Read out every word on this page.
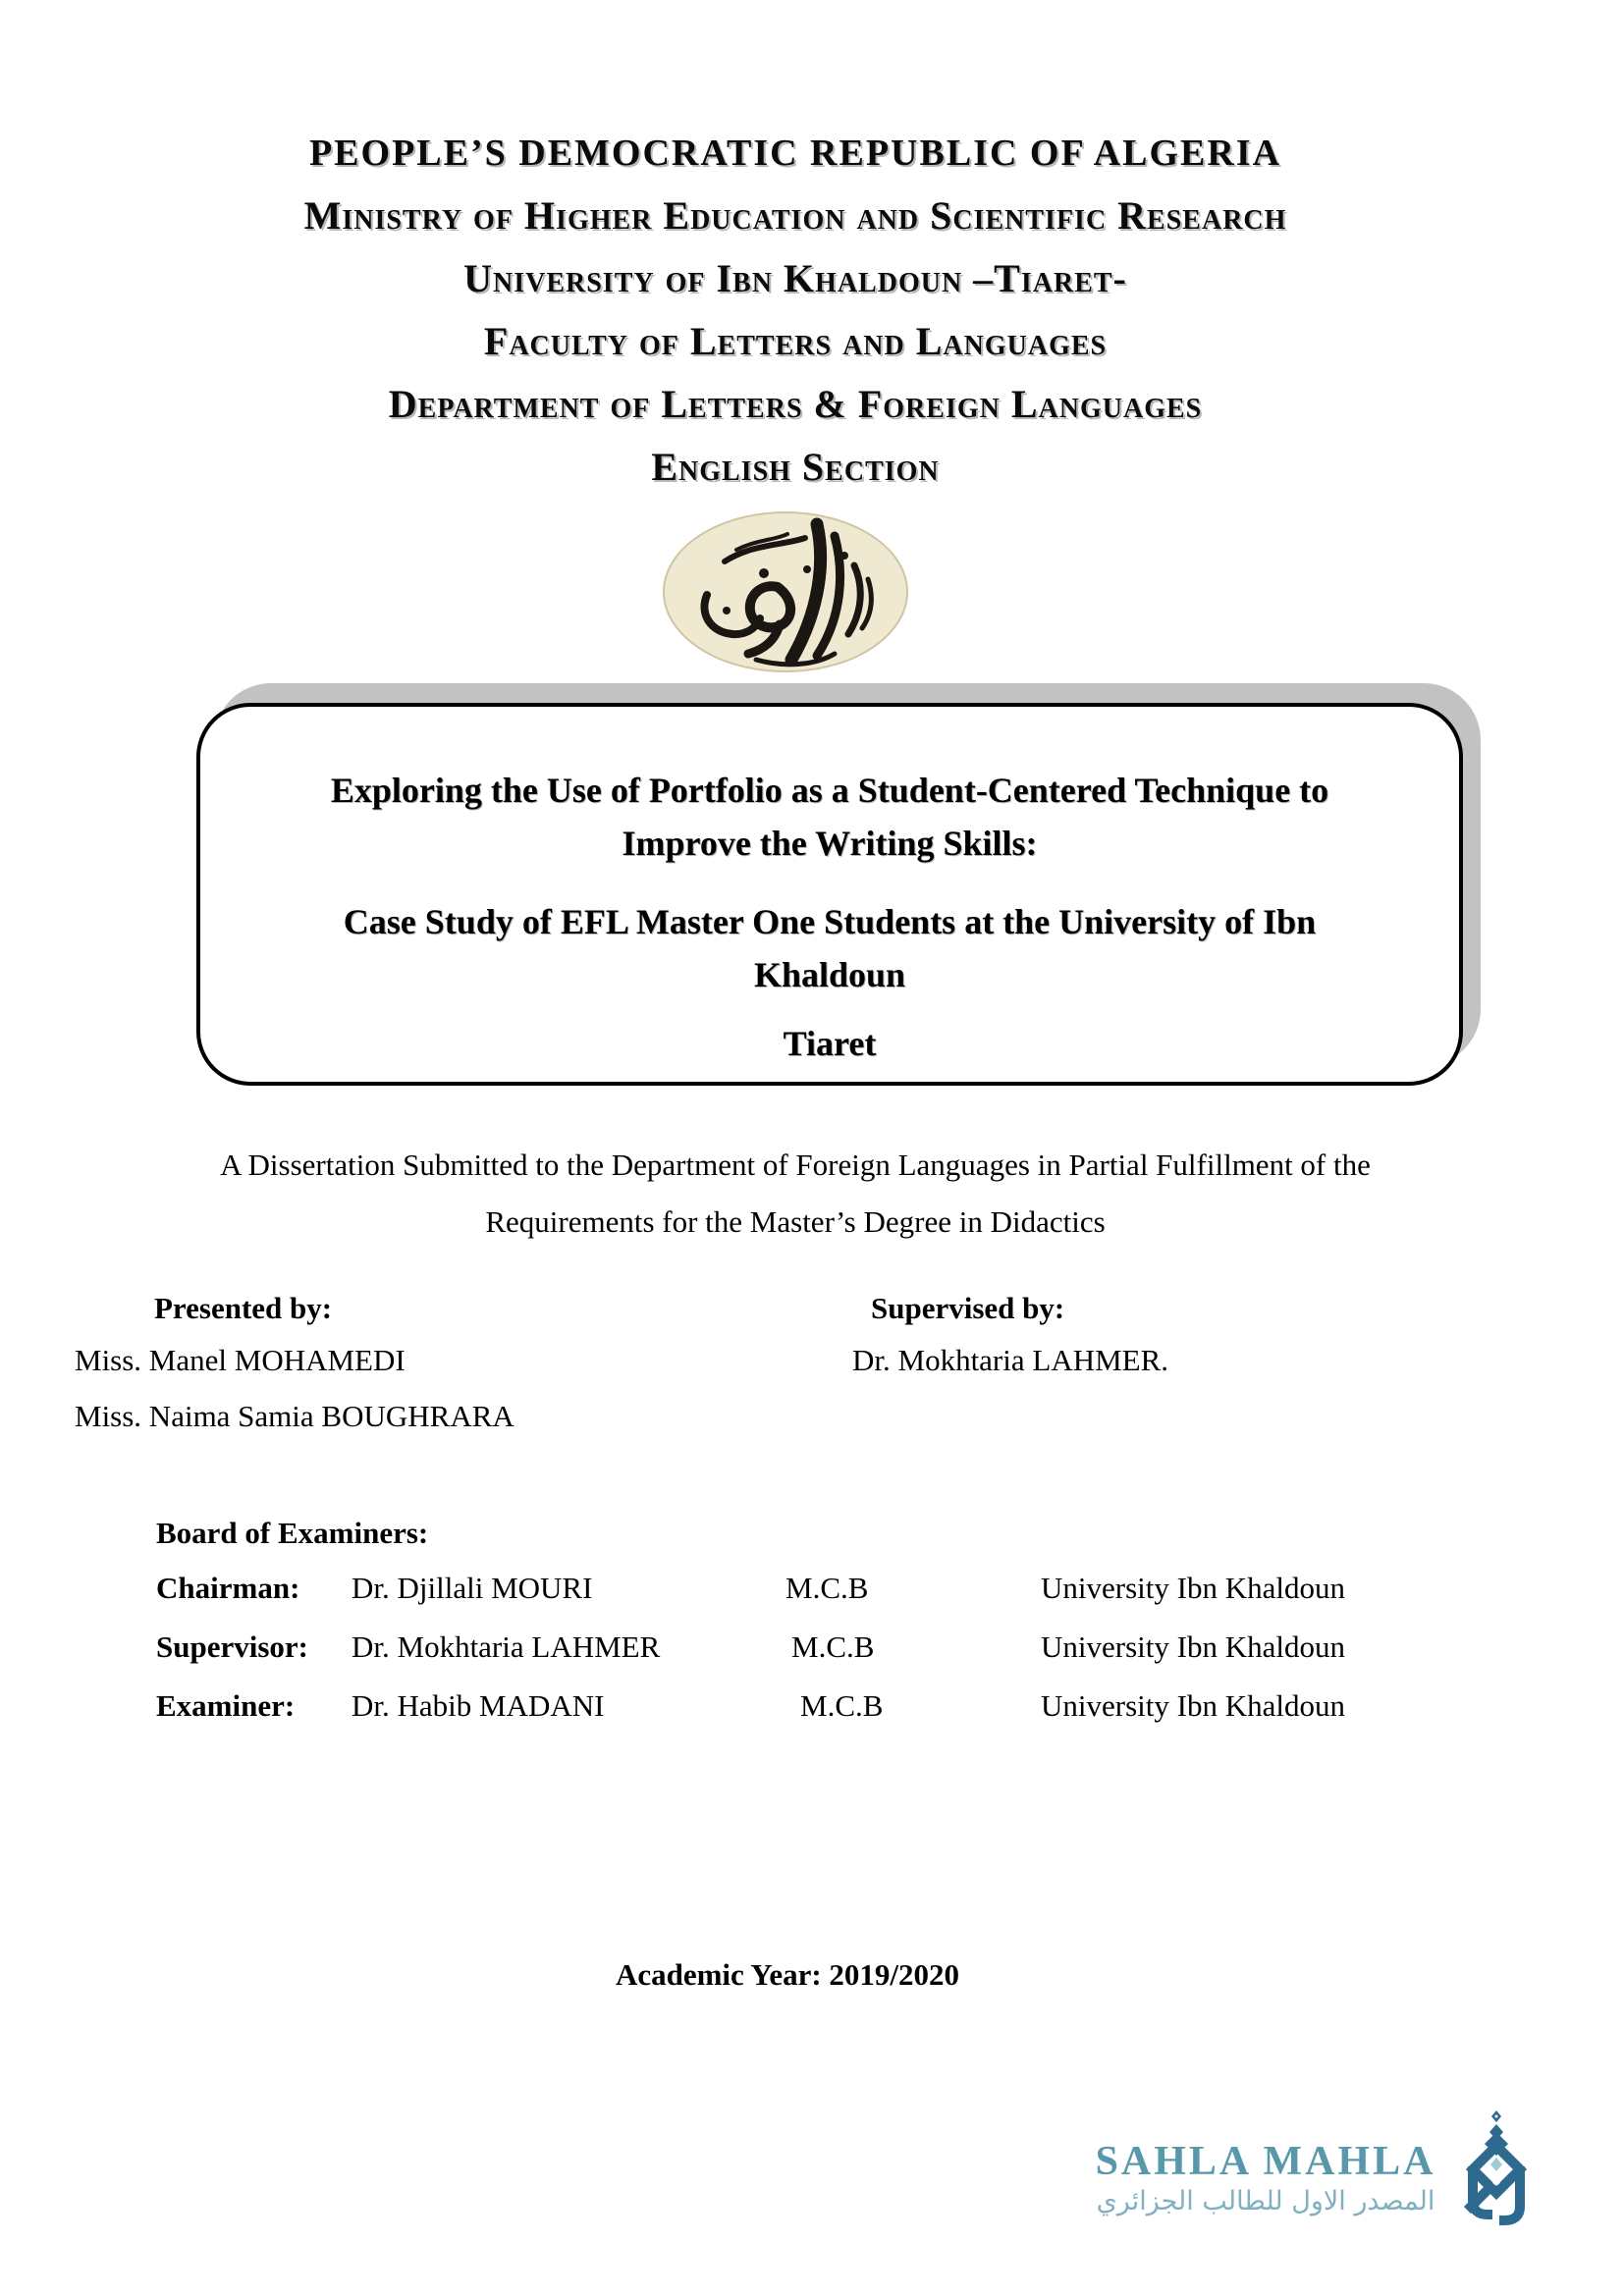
PEOPLE’S DEMOCRATIC REPUBLIC OF ALGERIA
Ministry of Higher Education and Scientific Research
University of Ibn Khaldoun –Tiaret-
Faculty of Letters and Languages
Department of Letters & Foreign Languages
English Section

Exploring the Use of Portfolio as a Student-Centered Technique to
Improve the Writing Skills:

Case Study of EFL Master One Students at the University of Ibn
Khaldoun

Tiaret

A Dissertation Submitted to the Department of Foreign Languages in Partial Fulfillment of the
Requirements for the Master’s Degree in Didactics
Presented by:	Supervised by:
Miss. Manel MOHAMEDI	Dr. Mokhtaria LAHMER.
Miss. Naima Samia BOUGHRARA
Board of Examiners:
Chairman: Dr. Djillali MOURI	M.C.B	University Ibn Khaldoun
Supervisor: Dr. Mokhtaria LAHMER	M.C.B	University Ibn Khaldoun
Examiner: Dr. Habib MADANI	M.C.B	University Ibn Khaldoun
Academic Year: 2019/2020
SAHLA MAHLA
المصدر الاول للطالب الجزائري
